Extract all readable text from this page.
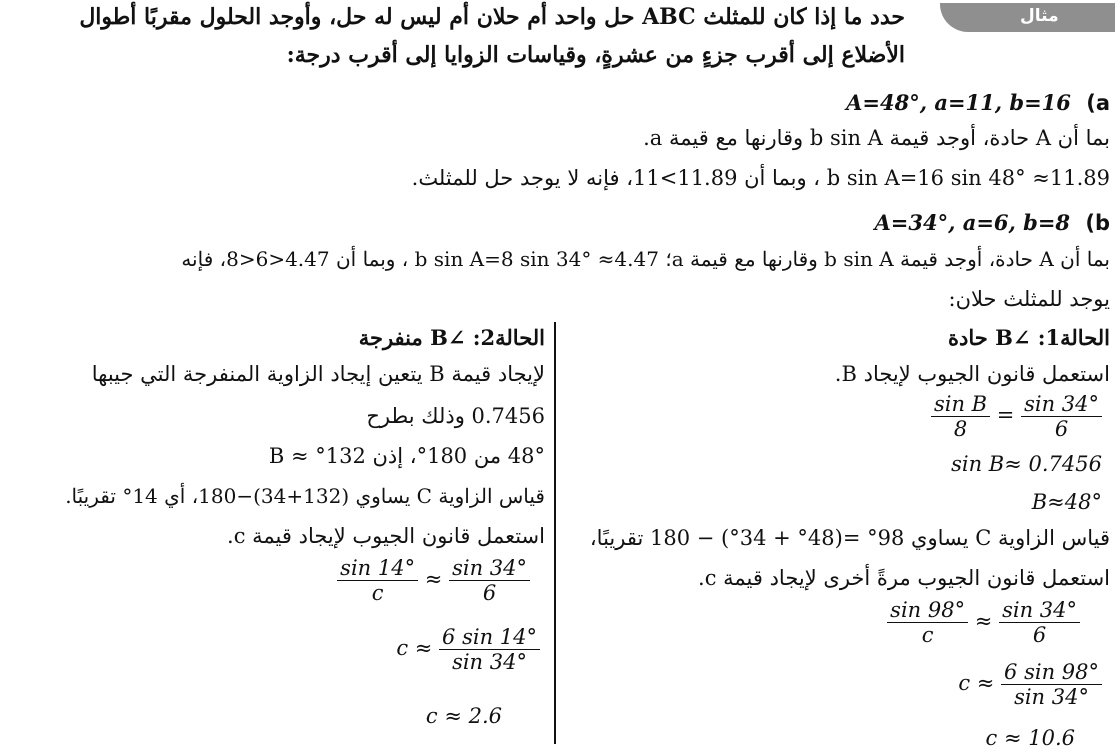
مثال
حدد ما إذا كان للمثلث ABC حل واحد أم حلان أم ليس له حل، وأوجد الحلول مقربًا أطوال
الأضلاع إلى أقرب جزءٍ من عشرةٍ، وقياسات الزوايا إلى أقرب درجة:
A=48°, a=11, b=16 (a
بما أن A حادة، أوجد قيمة b sin A وقارنها مع قيمة a.
b sin A=16 sin 48° ≈11.89 ، وبما أن 11.89>11، فإنه لا يوجد حل للمثلث.
A=34°, a=6, b=8 (b
بما أن A حادة، أوجد قيمة b sin A وقارنها مع قيمة a؛ b sin A=8 sin 34° ≈4.47 ، وبما أن 4.47<6<8، فإنه
يوجد للمثلث حلان:
الحالة1: ∠B حادة
استعمل قانون الجيوب لإيجاد B.
$\frac{\text{sin B}}{8} = \frac{\sin 34^\circ}{6}$
sin B≈ 0.7456
B≈48°
قياس الزاوية C يساوي 98° =(48° + 34°) − 180 تقريبًا،
استعمل قانون الجيوب مرةً أخرى لإيجاد قيمة c.
$\frac{\sin 98^\circ}{c} \approx \frac{\sin 34^\circ}{6}$
$c \approx \frac{6 \sin 98^\circ}{\sin 34^\circ}$
c ≈ 10.6
الحالة2: ∠B منفرجة
لإيجاد قيمة B يتعين إيجاد الزاوية المنفرجة التي جيبها
0.7456 وذلك بطرح
48° من 180°، إذن 132° ≈ B
قياس الزاوية C يساوي (132+34)−180، أي 14° تقريبًا.
استعمل قانون الجيوب لإيجاد قيمة c.
$\frac{\sin 14^\circ}{c} \approx \frac{\sin 34^\circ}{6}$
$c \approx \frac{6 \sin 14^\circ}{\sin 34^\circ}$
c ≈ 2.6
